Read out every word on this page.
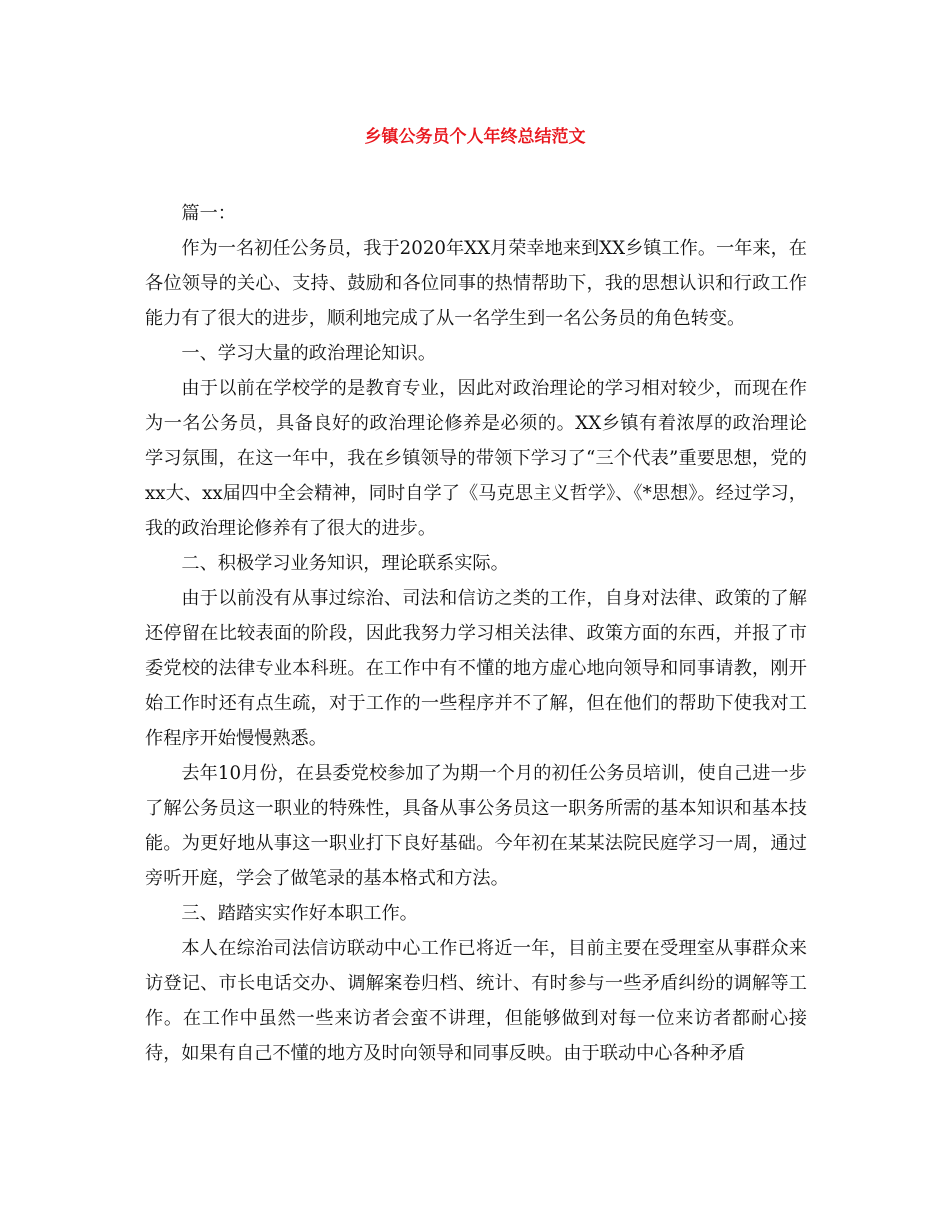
乡镇公务员个人年终总结范文

篇一：

作为一名初任公务员，我于2020年XX月荣幸地来到XX乡镇工作。一年来，在各位领导的关心、支持、鼓励和各位同事的热情帮助下，我的思想认识和行政工作能力有了很大的进步，顺利地完成了从一名学生到一名公务员的角色转变。

一、学习大量的政治理论知识。

由于以前在学校学的是教育专业，因此对政治理论的学习相对较少，而现在作为一名公务员，具备良好的政治理论修养是必须的。XX乡镇有着浓厚的政治理论学习氛围，在这一年中，我在乡镇领导的带领下学习了“三个代表”重要思想，党的xx大、xx届四中全会精神，同时自学了《马克思主义哲学》、《*思想》。经过学习，我的政治理论修养有了很大的进步。

二、积极学习业务知识，理论联系实际。

由于以前没有从事过综治、司法和信访之类的工作，自身对法律、政策的了解还停留在比较表面的阶段，因此我努力学习相关法律、政策方面的东西，并报了市委党校的法律专业本科班。在工作中有不懂的地方虚心地向领导和同事请教，刚开始工作时还有点生疏，对于工作的一些程序并不了解，但在他们的帮助下使我对工作程序开始慢慢熟悉。

去年10月份，在县委党校参加了为期一个月的初任公务员培训，使自己进一步了解公务员这一职业的特殊性，具备从事公务员这一职务所需的基本知识和基本技能。为更好地从事这一职业打下良好基础。今年初在某某法院民庭学习一周，通过旁听开庭，学会了做笔录的基本格式和方法。

三、踏踏实实作好本职工作。

本人在综治司法信访联动中心工作已将近一年，目前主要在受理室从事群众来访登记、市长电话交办、调解案卷归档、统计、有时参与一些矛盾纠纷的调解等工作。在工作中虽然一些来访者会蛮不讲理，但能够做到对每一位来访者都耐心接待，如果有自己不懂的地方及时向领导和同事反映。由于联动中心各种矛盾
